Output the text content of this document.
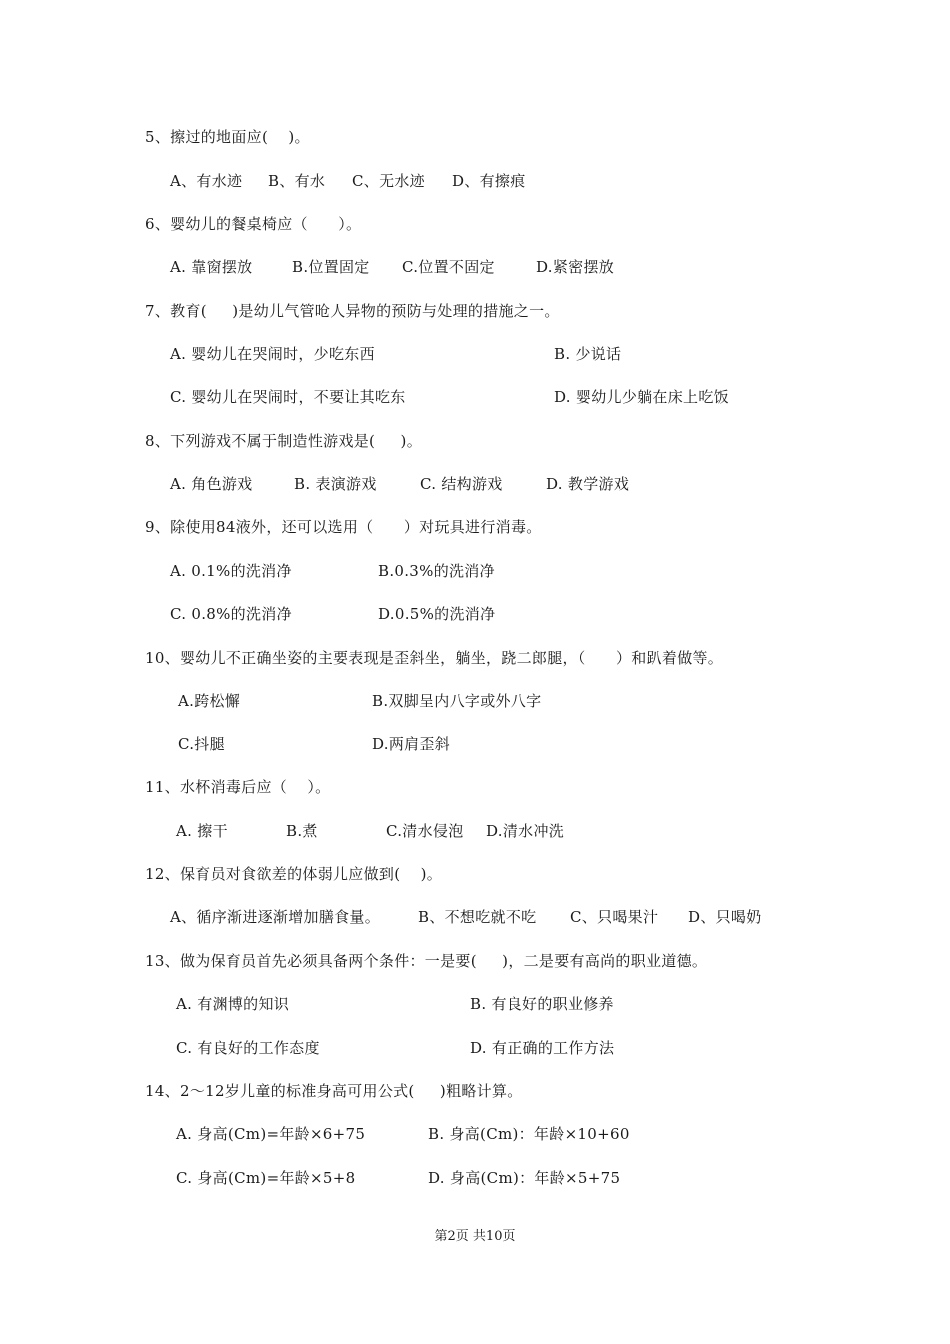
5、擦过的地面应(    )。
A、有水迹 B、有水 C、无水迹 D、有擦痕
6、婴幼儿的餐桌椅应（      ）。
A. 靠窗摆放	B.位置固定 C.位置不固定	D.紧密摆放
7、教育(     )是幼儿气管呛人异物的预防与处理的措施之一。
A. 婴幼儿在哭闹时，少吃东西	B. 少说话
C. 婴幼儿在哭闹时，不要让其吃东	D. 婴幼儿少躺在床上吃饭
8、下列游戏不属于制造性游戏是(     )。
A. 角色游戏	B. 表演游戏	C. 结构游戏	D. 教学游戏
9、除使用84液外，还可以选用（      ）对玩具进行消毒。
A. 0.1%的洗消净	B.0.3%的洗消净
C. 0.8%的洗消净	D.0.5%的洗消净
10、婴幼儿不正确坐姿的主要表现是歪斜坐，躺坐，跷二郎腿，（      ）和趴着做等。
A.跨松懈	B.双脚呈内八字或外八字
C.抖腿	D.两肩歪斜
11、水杯消毒后应（    ）。
A. 擦干	B.煮	C.清水侵泡 D.清水冲洗
12、保育员对食欲差的体弱儿应做到(    )。
A、循序渐进逐渐增加膳食量。	B、不想吃就不吃 C、只喝果汁 D、只喝奶
13、做为保育员首先必须具备两个条件：一是要(     )，二是要有高尚的职业道德。
A. 有渊博的知识	B. 有良好的职业修养
C. 有良好的工作态度	D. 有正确的工作方法
14、2～12岁儿童的标准身高可用公式(     )粗略计算。
A. 身高(Cm)=年龄×6+75	B. 身高(Cm)：年龄×10+60
C. 身高(Cm)=年龄×5+8	D. 身高(Cm)：年龄×5+75
第2页 共10页
